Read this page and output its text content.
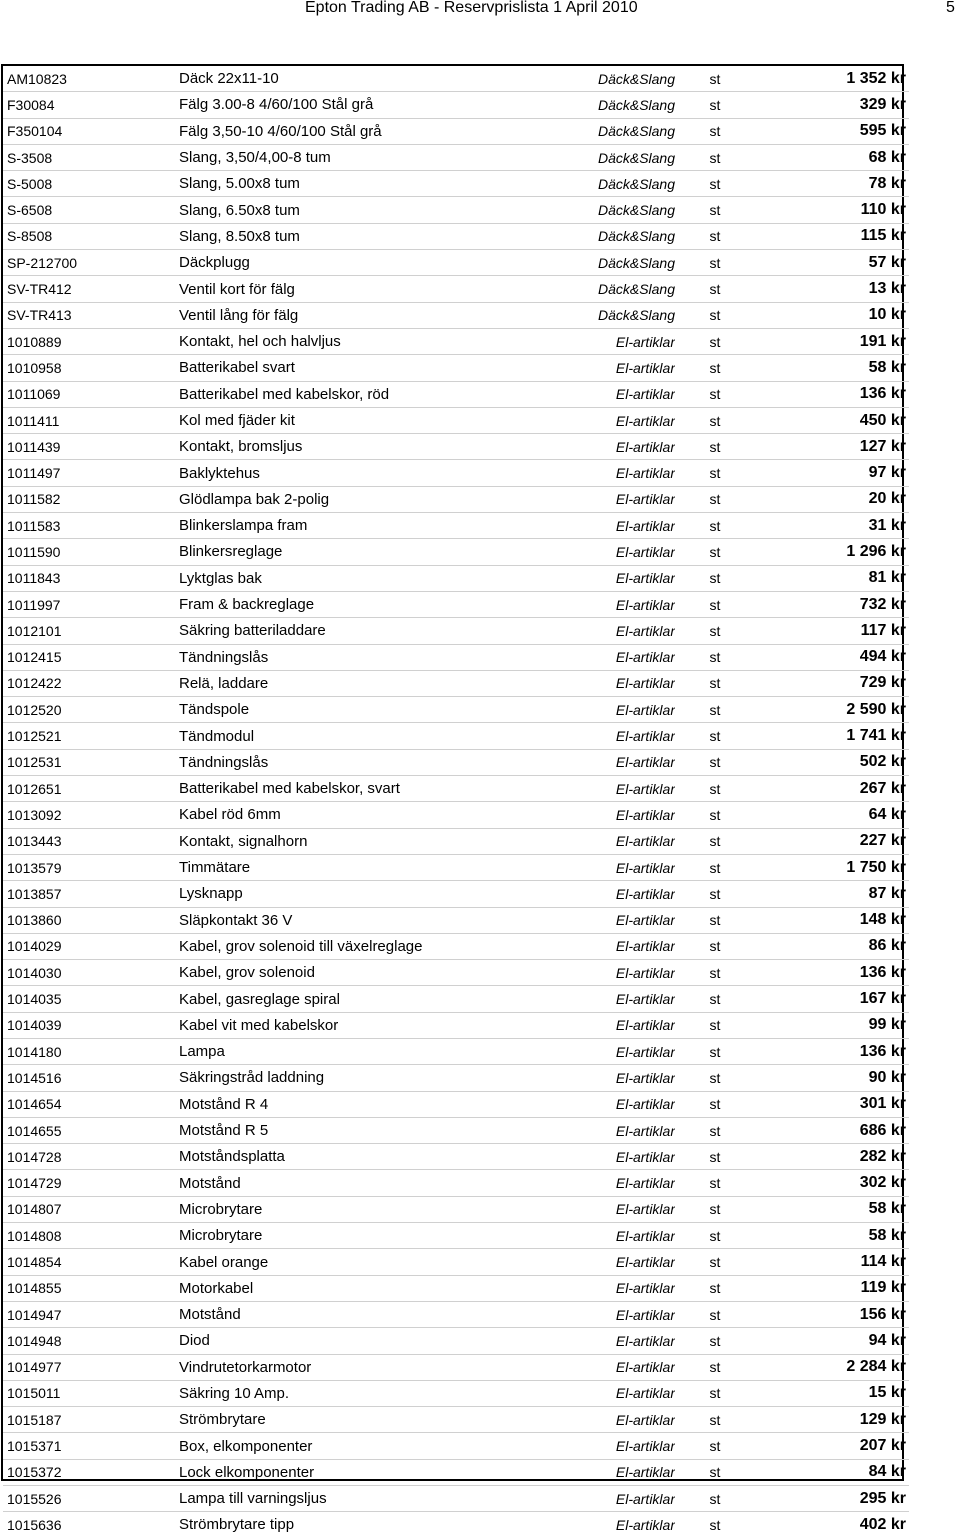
Epton Trading AB - Reservprislista 1 April 2010	5
AM10823	Däck 22x11-10	Däck&Slang	st	1 352 kr
F30084	Fälg 3.00-8 4/60/100 Stål grå	Däck&Slang	st	329 kr
F350104	Fälg 3,50-10 4/60/100 Stål grå	Däck&Slang	st	595 kr
S-3508	Slang, 3,50/4,00-8 tum	Däck&Slang	st	68 kr
S-5008	Slang, 5.00x8 tum	Däck&Slang	st	78 kr
S-6508	Slang, 6.50x8 tum	Däck&Slang	st	110 kr
S-8508	Slang, 8.50x8 tum	Däck&Slang	st	115 kr
SP-212700	Däckplugg	Däck&Slang	st	57 kr
SV-TR412	Ventil kort för fälg	Däck&Slang	st	13 kr
SV-TR413	Ventil lång för fälg	Däck&Slang	st	10 kr
1010889	Kontakt, hel och halvljus	El-artiklar	st	191 kr
1010958	Batterikabel svart	El-artiklar	st	58 kr
1011069	Batterikabel med kabelskor, röd	El-artiklar	st	136 kr
1011411	Kol med fjäder kit	El-artiklar	st	450 kr
1011439	Kontakt, bromsljus	El-artiklar	st	127 kr
1011497	Baklyktehus	El-artiklar	st	97 kr
1011582	Glödlampa bak 2-polig	El-artiklar	st	20 kr
1011583	Blinkerslampa fram	El-artiklar	st	31 kr
1011590	Blinkersreglage	El-artiklar	st	1 296 kr
1011843	Lyktglas bak	El-artiklar	st	81 kr
1011997	Fram & backreglage	El-artiklar	st	732 kr
1012101	Säkring batteriladdare	El-artiklar	st	117 kr
1012415	Tändningslås	El-artiklar	st	494 kr
1012422	Relä, laddare	El-artiklar	st	729 kr
1012520	Tändspole	El-artiklar	st	2 590 kr
1012521	Tändmodul	El-artiklar	st	1 741 kr
1012531	Tändningslås	El-artiklar	st	502 kr
1012651	Batterikabel med kabelskor, svart	El-artiklar	st	267 kr
1013092	Kabel röd 6mm	El-artiklar	st	64 kr
1013443	Kontakt, signalhorn	El-artiklar	st	227 kr
1013579	Timmätare	El-artiklar	st	1 750 kr
1013857	Lysknapp	El-artiklar	st	87 kr
1013860	Släpkontakt 36 V	El-artiklar	st	148 kr
1014029	Kabel, grov solenoid till växelreglage	El-artiklar	st	86 kr
1014030	Kabel, grov solenoid	El-artiklar	st	136 kr
1014035	Kabel, gasreglage spiral	El-artiklar	st	167 kr
1014039	Kabel vit med kabelskor	El-artiklar	st	99 kr
1014180	Lampa	El-artiklar	st	136 kr
1014516	Säkringstråd laddning	El-artiklar	st	90 kr
1014654	Motstånd R 4	El-artiklar	st	301 kr
1014655	Motstånd R 5	El-artiklar	st	686 kr
1014728	Motståndsplatta	El-artiklar	st	282 kr
1014729	Motstånd	El-artiklar	st	302 kr
1014807	Microbrytare	El-artiklar	st	58 kr
1014808	Microbrytare	El-artiklar	st	58 kr
1014854	Kabel orange	El-artiklar	st	114 kr
1014855	Motorkabel	El-artiklar	st	119 kr
1014947	Motstånd	El-artiklar	st	156 kr
1014948	Diod	El-artiklar	st	94 kr
1014977	Vindrutetorkarmotor	El-artiklar	st	2 284 kr
1015011	Säkring 10 Amp.	El-artiklar	st	15 kr
1015187	Strömbrytare	El-artiklar	st	129 kr
1015371	Box, elkomponenter	El-artiklar	st	207 kr
1015372	Lock elkomponenter	El-artiklar	st	84 kr
1015526	Lampa till varningsljus	El-artiklar	st	295 kr
1015636	Strömbrytare tipp	El-artiklar	st	402 kr
